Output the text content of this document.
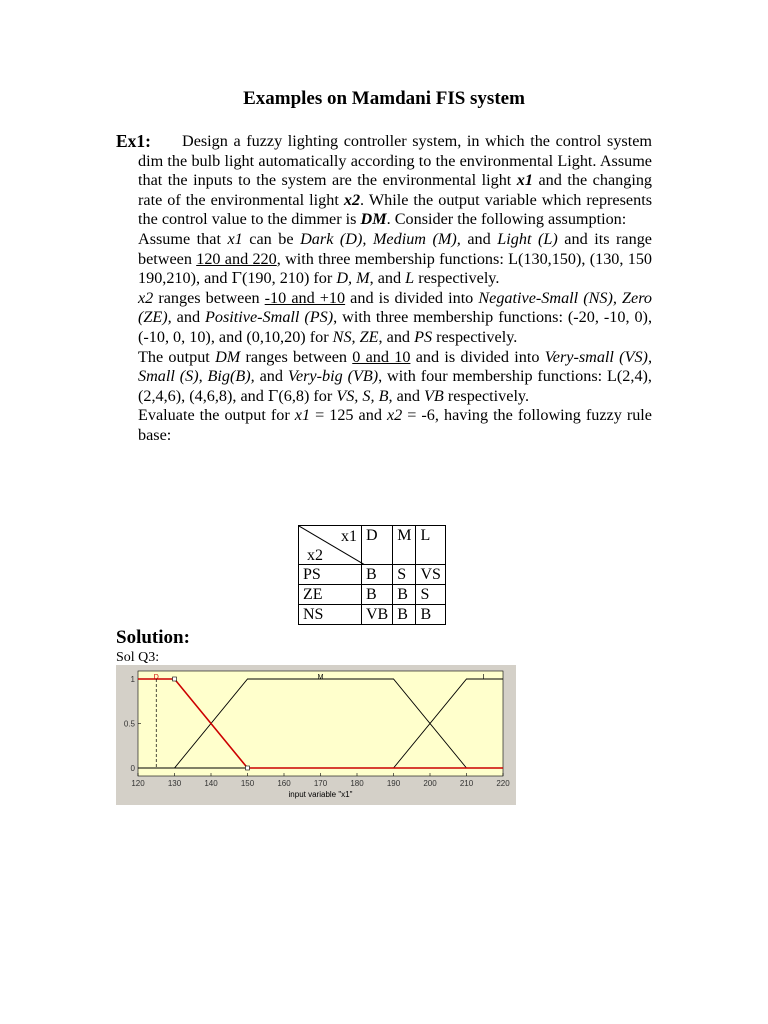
Examples on Mamdani FIS system
Ex1:	Design a fuzzy lighting controller system, in which the control system dim the bulb light automatically according to the environmental Light. Assume that the inputs to the system are the environmental light x1 and the changing rate of the environmental light x2. While the output variable which represents the control value to the dimmer is DM. Consider the following assumption:

Assume that x1 can be Dark (D), Medium (M), and Light (L) and its range between 120 and 220, with three membership functions: L(130,150), (130, 150 190,210), and Γ(190, 210) for D, M, and L respectively.

x2 ranges between -10 and +10 and is divided into Negative-Small (NS), Zero (ZE), and Positive-Small (PS), with three membership functions: (-20, -10, 0), (-10, 0, 10), and (0,10,20) for NS, ZE, and PS respectively.

The output DM ranges between 0 and 10 and is divided into Very-small (VS), Small (S), Big(B), and Very-big (VB), with four membership functions: L(2,4), (2,4,6), (4,6,8), and Γ(6,8) for VS, S, B, and VB respectively.

Evaluate the output for x1 = 125 and x2 = -6, having the following fuzzy rule base:

x1
x2	D	M	L
PS	B	S	VS
ZE	B	B	S
NS	VB	B	B
Solution:
Sol Q3:
120	130	140	150	160	170	180	190	200	210	220
0
0.5
1	M	L
D
input variable "x1"
